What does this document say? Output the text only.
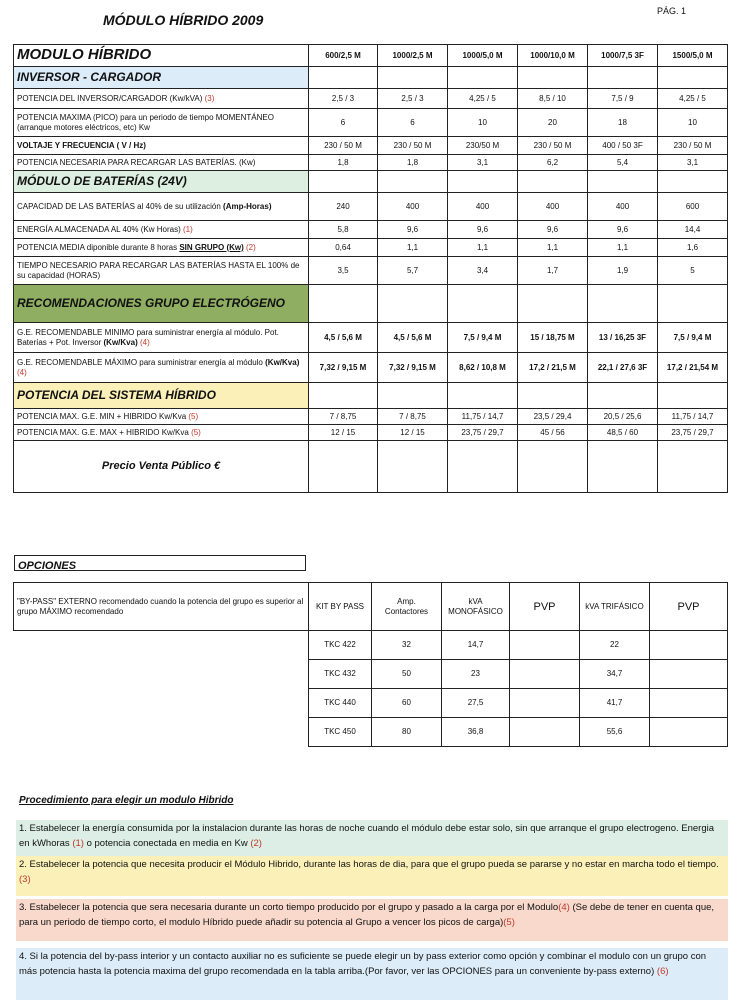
MÓDULO HÍBRIDO 2009
PÁG. 1
MODULO HÍBRIDO	600/2,5 M	1000/2,5 M	1000/5,0 M	1000/10,0 M	1000/7,5 3F	1500/5,0 M
INVERSOR - CARGADOR						
POTENCIA DEL INVERSOR/CARGADOR (Kw/kVA) (3)	2,5 / 3	2,5 / 3	4,25 / 5	8,5 / 10	7,5 / 9	4,25 / 5
POTENCIA MAXIMA (PICO) para un periodo de tiempo MOMENTÁNEO (arranque motores eléctricos, etc) Kw	6	6	10	20	18	10
VOLTAJE Y FRECUENCIA ( V / Hz)	230 / 50 M	230 / 50 M	230/50 M	230 / 50 M	400 / 50 3F	230 / 50 M
POTENCIA NECESARIA PARA RECARGAR LAS BATERÍAS. (Kw)	1,8	1,8	3,1	6,2	5,4	3,1
MÓDULO DE BATERÍAS (24V)						
CAPACIDAD DE LAS BATERÍAS al 40% de su utilización (Amp-Horas)	240	400	400	400	400	600
ENERGÍA ALMACENADA AL 40% (Kw Horas) (1)	5,8	9,6	9,6	9,6	9,6	14,4
POTENCIA MEDIA diponible durante 8 horas SIN GRUPO (Kw) (2)	0,64	1,1	1,1	1,1	1,1	1,6
TIEMPO NECESARIO PARA RECARGAR LAS BATERÍAS HASTA EL 100% de su capacidad (HORAS)	3,5	5,7	3,4	1,7	1,9	5
RECOMENDACIONES GRUPO ELECTRÓGENO						
G.E. RECOMENDABLE MINIMO para suministrar energía al módulo. Pot. Baterías + Pot. Inversor (Kw/Kva) (4)	4,5 / 5,6 M	4,5 / 5,6 M	7,5 / 9,4 M	15 / 18,75 M	13 / 16,25 3F	7,5 / 9,4 M
G.E. RECOMENDABLE MÁXIMO para suministrar energía al módulo (Kw/Kva) (4)	7,32 / 9,15 M	7,32 / 9,15 M	8,62 / 10,8 M	17,2 / 21,5 M	22,1 / 27,6 3F	17,2 / 21,54 M
POTENCIA DEL SISTEMA HÍBRIDO						
POTENCIA MAX. G.E. MIN + HIBRIDO Kw/Kva (5)	7 / 8,75	7 / 8,75	11,75 / 14,7	23,5 / 29,4	20,5 / 25,6	11,75 / 14,7
POTENCIA MAX. G.E. MAX + HIBRIDO Kw/Kva (5)	12 / 15	12 / 15	23,75 / 29,7	45 / 56	48,5 / 60	23,75 / 29,7
Precio Venta Público €						
OPCIONES
"BY-PASS" EXTERNO recomendado cuando la potencia del grupo es superior al grupo MÁXIMO recomendado	KIT BY PASS	Amp. Contactores	kVA MONOFÁSICO	PVP	kVA TRIFÁSICO	PVP
	TKC 422	32	14,7		22	
	TKC 432	50	23		34,7	
	TKC 440	60	27,5		41,7	
	TKC 450	80	36,8		55,6	
Procedimiento para elegir un modulo Hibrido
1. Estabelecer la energía consumida por la instalacion durante las horas de noche cuando el módulo debe estar solo, sin que arranque el grupo electrogeno. Energia en kWhoras (1) o potencia conectada en media en Kw (2)
2. Estabelecer la potencia que necesita producir el Módulo Hibrido, durante las horas de dia, para que el grupo pueda se pararse y no estar en marcha todo el tiempo.(3)
3. Estabelecer la potencia que sera necesaria durante un corto tiempo producido por el grupo y pasado a la carga por el Modulo(4) (Se debe de tener en cuenta que, para un periodo de tiempo corto, el modulo Híbrido puede añadir su potencia al Grupo a vencer los picos de carga)(5)
4. Si la potencia del by-pass interior y un contacto auxiliar no es suficiente se puede elegir un by pass exterior como opción y combinar el modulo con un grupo con más potencia hasta la potencia maxima del grupo recomendada en la tabla arriba.(Por favor, ver las OPCIONES para un conveniente by-pass externo) (6)
